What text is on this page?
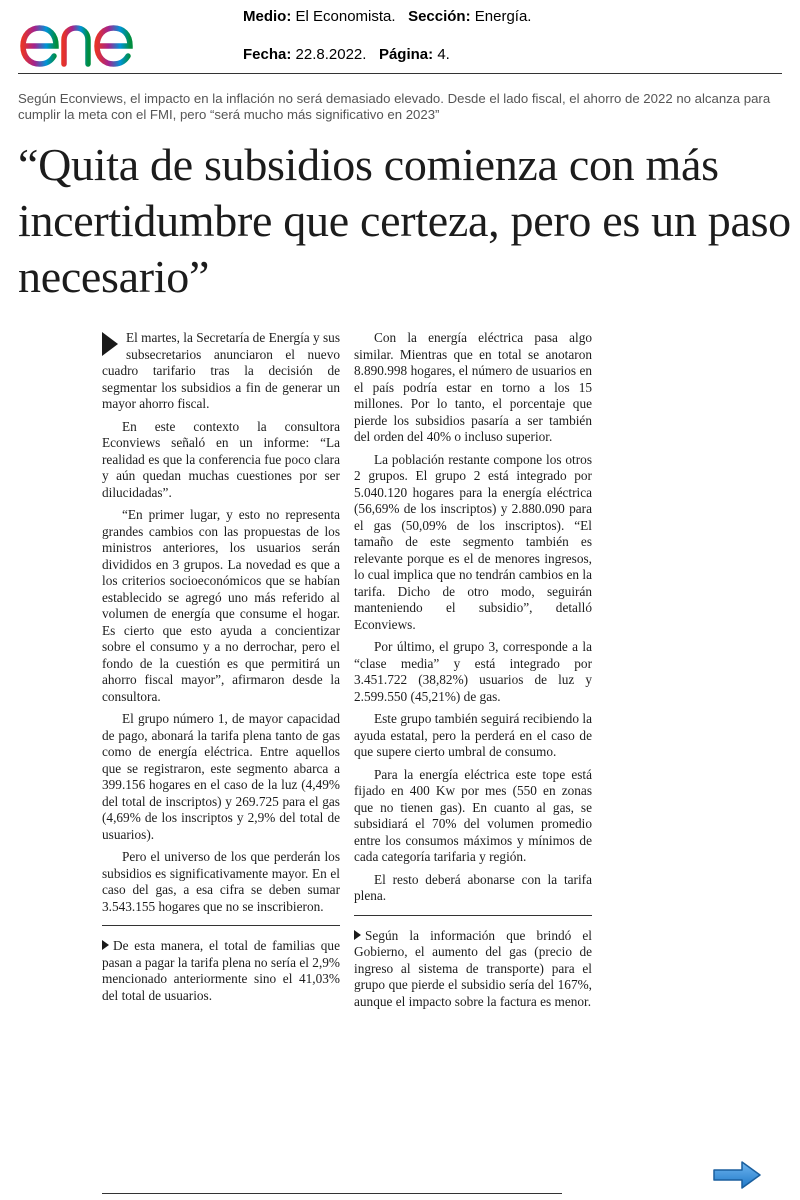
Medio: El Economista. Sección: Energía.
Fecha: 22.8.2022. Página: 4.
Según Econviews, el impacto en la inflación no será demasiado elevado. Desde el lado fiscal, el ahorro de 2022 no alcanza para cumplir la meta con el FMI, pero “será mucho más significativo en 2023”
“Quita de subsidios comienza con más incertidumbre que certeza, pero es un paso necesario”

El martes, la Secretaría de Energía y sus subsecretarios anunciaron el nuevo cuadro tarifario tras la decisión de segmentar los subsidios a fin de generar un mayor ahorro fiscal.

En este contexto la consultora Econviews señaló en un informe: “La realidad es que la conferencia fue poco clara y aún quedan muchas cuestiones por ser dilucidadas”.

“En primer lugar, y esto no representa grandes cambios con las propuestas de los ministros anteriores, los usuarios serán divididos en 3 grupos. La novedad es que a los criterios socioeconómicos que se habían establecido se agregó uno más referido al volumen de energía que consume el hogar. Es cierto que esto ayuda a concientizar sobre el consumo y a no derrochar, pero el fondo de la cuestión es que permitirá un ahorro fiscal mayor”, afirmaron desde la consultora.

El grupo número 1, de mayor capacidad de pago, abonará la tarifa plena tanto de gas como de energía eléctrica. Entre aquellos que se registraron, este segmento abarca a 399.156 hogares en el caso de la luz (4,49% del total de inscriptos) y 269.725 para el gas (4,69% de los inscriptos y 2,9% del total de usuarios).

Pero el universo de los que perderán los subsidios es significativamente mayor. En el caso del gas, a esa cifra se deben sumar 3.543.155 hogares que no se inscribieron.

De esta manera, el total de familias que pasan a pagar la tarifa plena no sería el 2,9% mencionado anteriormente sino el 41,03% del total de usuarios.

Con la energía eléctrica pasa algo similar. Mientras que en total se anotaron 8.890.998 hogares, el número de usuarios en el país podría estar en torno a los 15 millones. Por lo tanto, el porcentaje que pierde los subsidios pasaría a ser también del orden del 40% o incluso superior.

La población restante compone los otros 2 grupos. El grupo 2 está integrado por 5.040.120 hogares para la energía eléctrica (56,69% de los inscriptos) y 2.880.090 para el gas (50,09% de los inscriptos). “El tamaño de este segmento también es relevante porque es el de menores ingresos, lo cual implica que no tendrán cambios en la tarifa. Dicho de otro modo, seguirán manteniendo el subsidio”, detalló Econviews.

Por último, el grupo 3, corresponde a la “clase media” y está integrado por 3.451.722 (38,82%) usuarios de luz y 2.599.550 (45,21%) de gas.

Este grupo también seguirá recibiendo la ayuda estatal, pero la perderá en el caso de que supere cierto umbral de consumo.

Para la energía eléctrica este tope está fijado en 400 Kw por mes (550 en zonas que no tienen gas). En cuanto al gas, se subsidiará el 70% del volumen promedio entre los consumos máximos y mínimos de cada categoría tarifaria y región.

El resto deberá abonarse con la tarifa plena.

Según la información que brindó el Gobierno, el aumento del gas (precio de ingreso al sistema de transporte) para el grupo que pierde el subsidio sería del 167%, aunque el impacto sobre la factura es menor.
